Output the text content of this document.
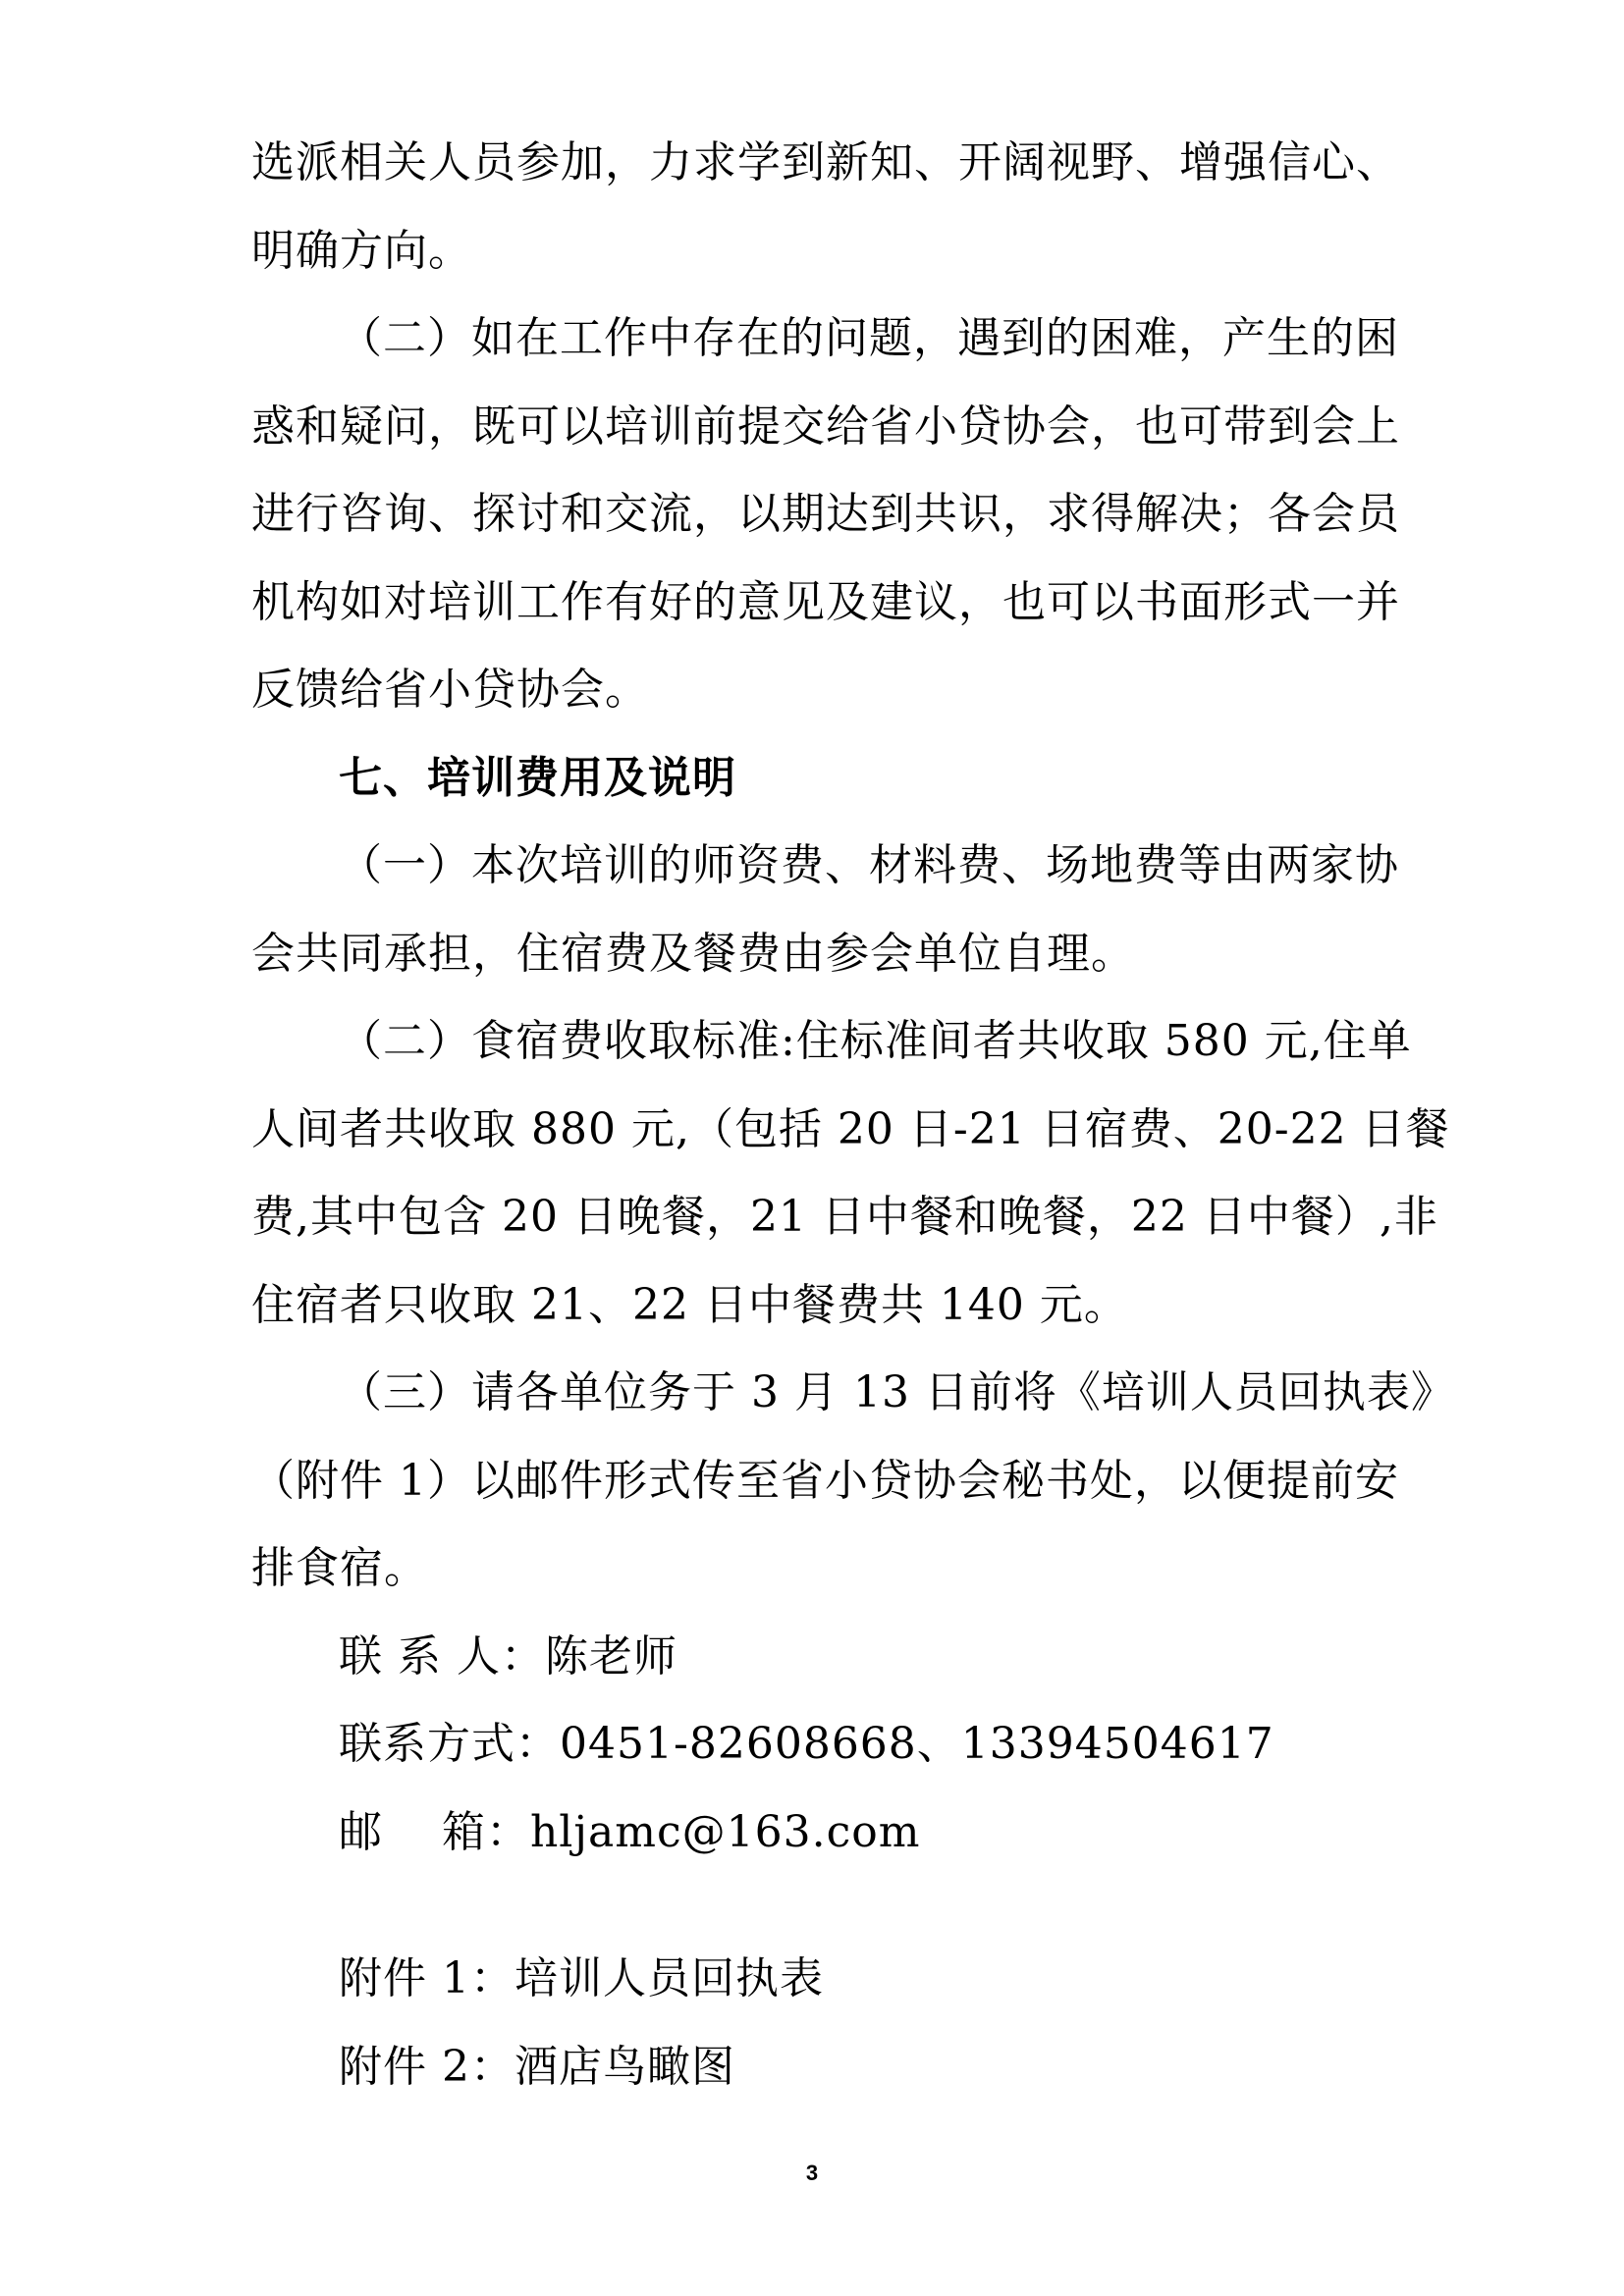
选派相关人员参加，力求学到新知、开阔视野、增强信心、
明确方向。
（二）如在工作中存在的问题，遇到的困难，产生的困
惑和疑问，既可以培训前提交给省小贷协会，也可带到会上
进行咨询、探讨和交流，以期达到共识，求得解决；各会员
机构如对培训工作有好的意见及建议，也可以书面形式一并
反馈给省小贷协会。
七、培训费用及说明
（一）本次培训的师资费、材料费、场地费等由两家协
会共同承担，住宿费及餐费由参会单位自理。
（二）食宿费收取标准:住标准间者共收取 580 元,住单
人间者共收取 880 元,（包括 20 日-21 日宿费、20-22 日餐
费,其中包含 20 日晚餐，21 日中餐和晚餐，22 日中餐）,非
住宿者只收取 21、22 日中餐费共 140 元。
（三）请各单位务于 3 月 13 日前将《培训人员回执表》
（附件 1）以邮件形式传至省小贷协会秘书处，以便提前安
排食宿。
联 系 人：陈老师
联系方式：0451-82608668、13394504617
邮    箱：hljamc@163.com
附件 1：培训人员回执表
附件 2：酒店鸟瞰图
3
